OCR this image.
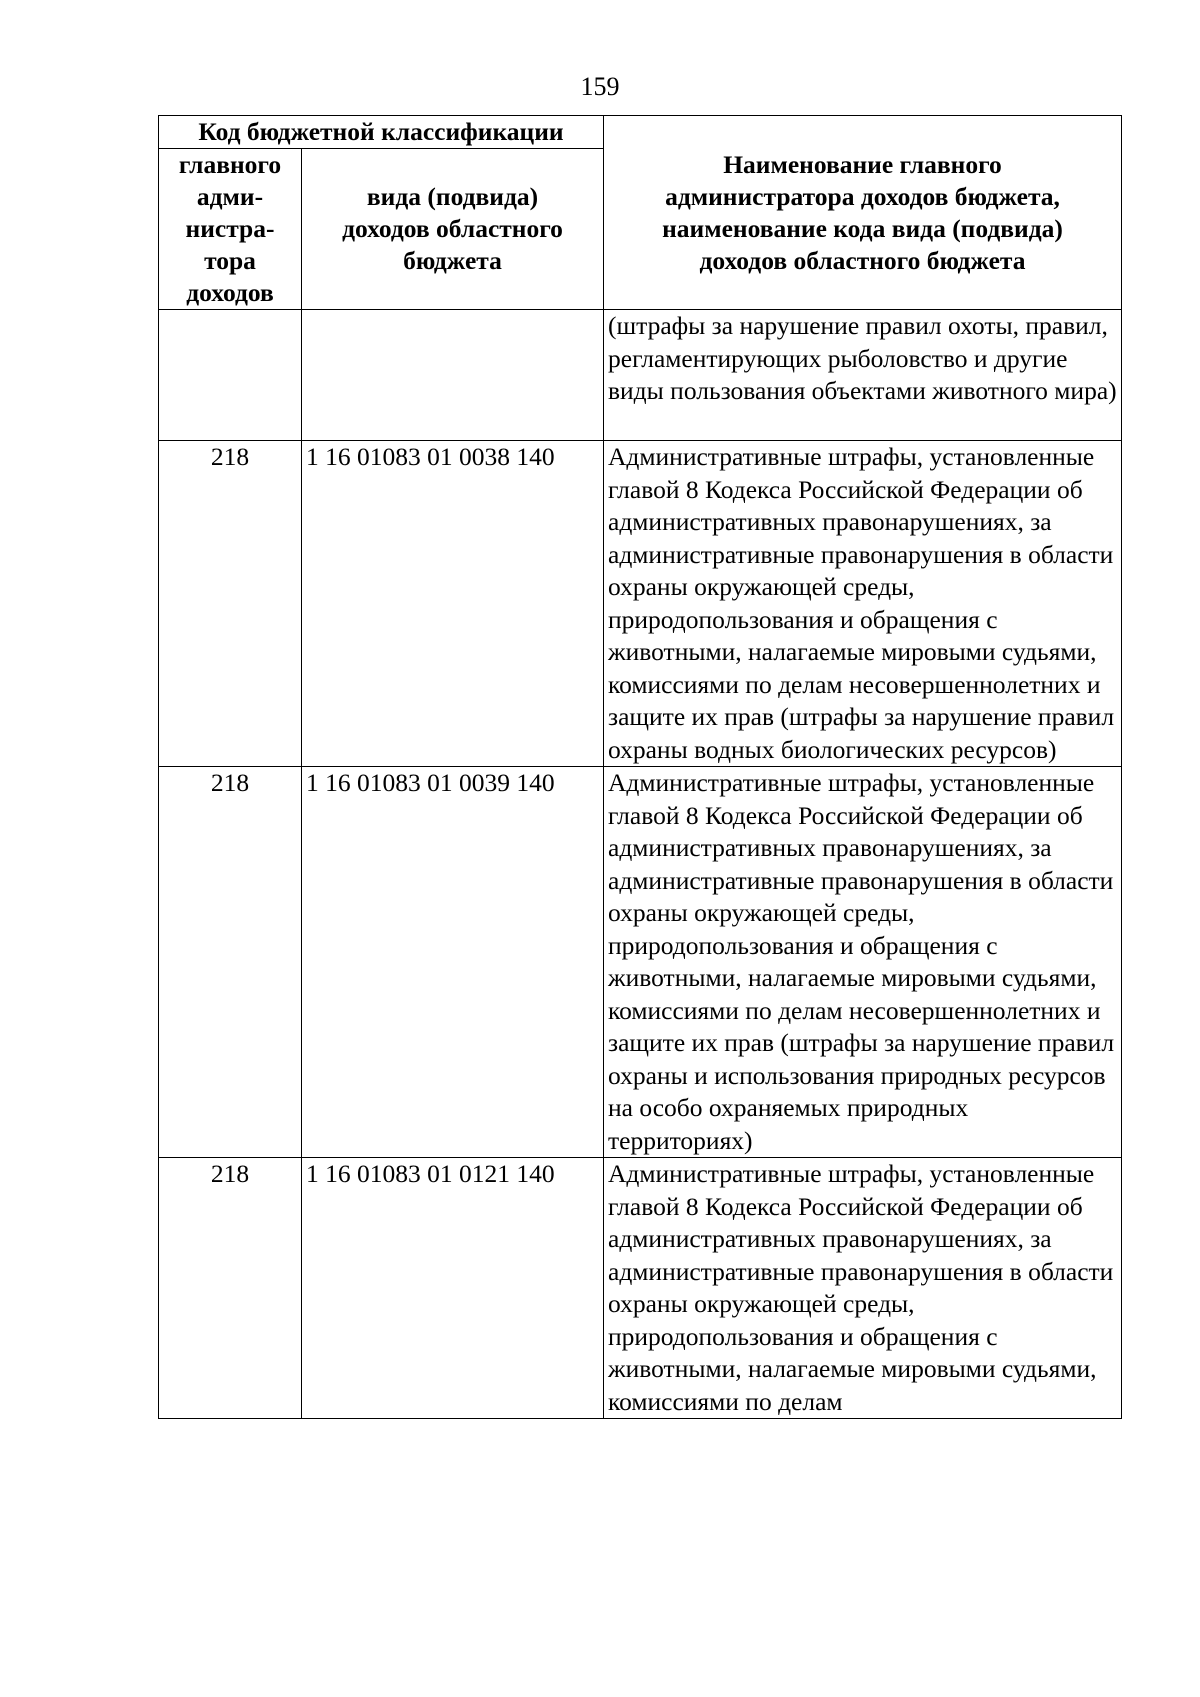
159
Код бюджетной классификации		Наименование главного
администратора доходов бюджета,
наименование кода вида (подвида)
доходов областного бюджета
главного
адми-
нистра-
тора
доходов	вида (подвида)
доходов областного
бюджета	
		(штрафы за нарушение правил охоты, правил, регламентирующих рыболовство и другие виды пользования объектами животного мира)
218	1 16 01083 01 0038 140	Административные штрафы, установленные главой 8 Кодекса Российской Федерации об административных правонарушениях, за административные правонарушения в области охраны окружающей среды, природопользования и обращения с животными, налагаемые мировыми судьями, комиссиями по делам несовершеннолетних и защите их прав (штрафы за нарушение правил охраны водных биологических ресурсов)
218	1 16 01083 01 0039 140	Административные штрафы, установленные главой 8 Кодекса Российской Федерации об административных правонарушениях, за административные правонарушения в области охраны окружающей среды, природопользования и обращения с животными, налагаемые мировыми судьями, комиссиями по делам несовершеннолетних и защите их прав (штрафы за нарушение правил охраны и использования природных ресурсов на особо охраняемых природных территориях)
218	1 16 01083 01 0121 140	Административные штрафы, установленные главой 8 Кодекса Российской Федерации об административных правонарушениях, за административные правонарушения в области охраны окружающей среды, природопользования и обращения с животными, налагаемые мировыми судьями, комиссиями по делам
